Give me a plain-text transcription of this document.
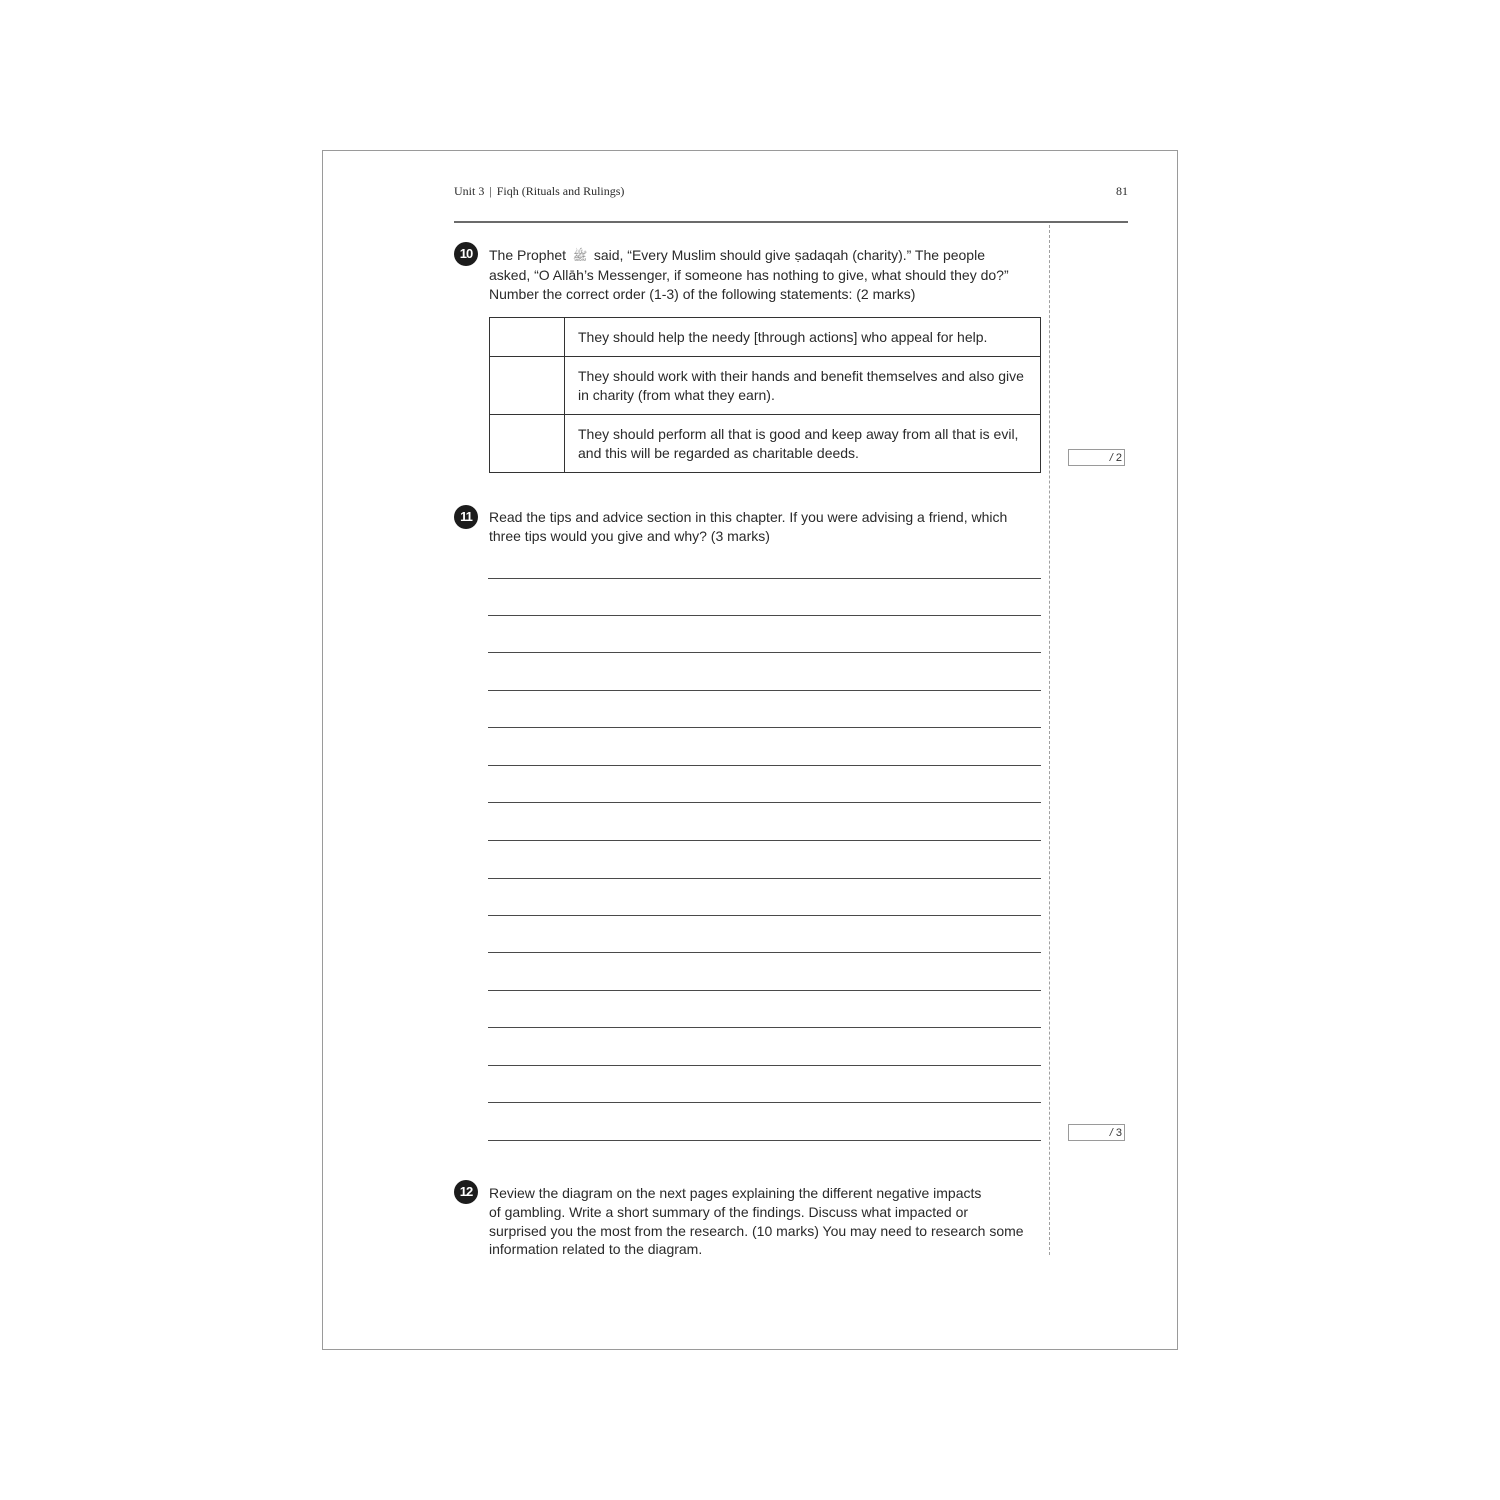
Unit 3 | Fiqh (Rituals and Rulings)	81
10	The Prophet ﷺ said, “Every Muslim should give ṣadaqah (charity).” The people
asked, “O Allāh’s Messenger, if someone has nothing to give, what should they do?”
Number the correct order (1-3) of the following statements: (2 marks)
	They should help the needy [through actions] who appeal for help.
	They should work with their hands and benefit themselves and also give in charity (from what they earn).
	They should perform all that is good and keep away from all that is evil, and this will be regarded as charitable deeds.	/ 2
11	Read the tips and advice section in this chapter. If you were advising a friend, which
three tips would you give and why? (3 marks)
/ 3
12	Review the diagram on the next pages explaining the different negative impacts
of gambling. Write a short summary of the findings. Discuss what impacted or
surprised you the most from the research. (10 marks) You may need to research some
information related to the diagram.
